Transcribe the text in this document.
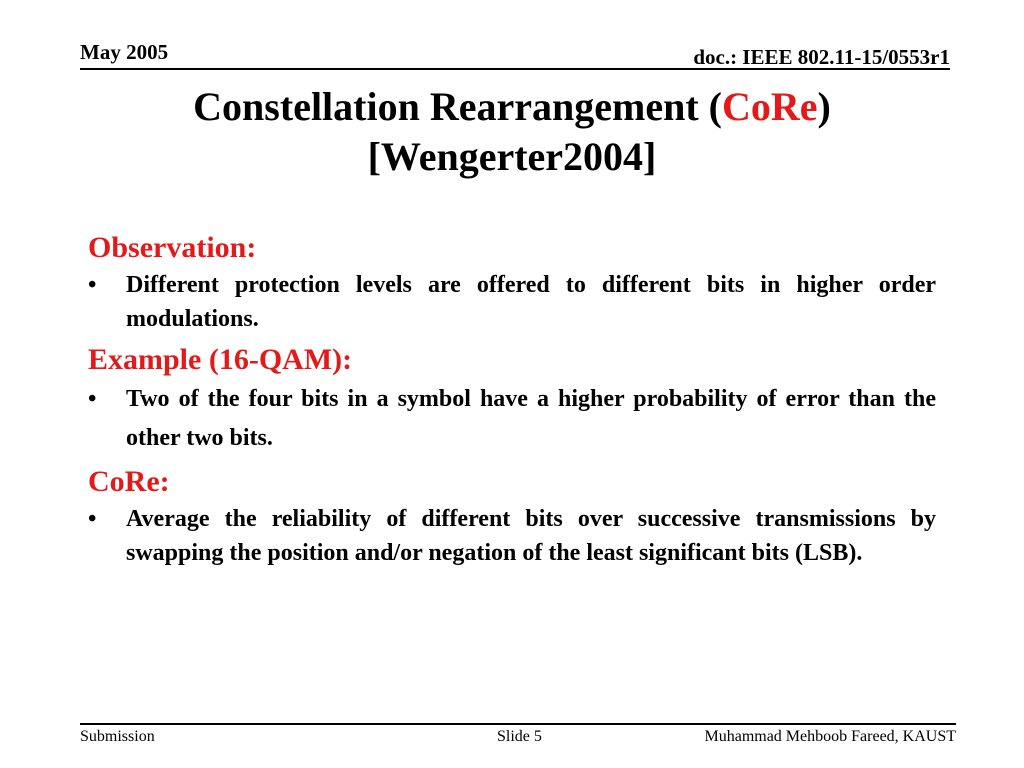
May 2005	doc.: IEEE 802.11-15/0553r1
Constellation Rearrangement (CoRe)
[Wengerter2004]
Observation:
• Different protection levels are offered to different bits in higher order modulations.
Example (16-QAM):
• Two of the four bits in a symbol have a higher probability of error than the other two bits.
CoRe:
• Average the reliability of different bits over successive transmissions by swapping the position and/or negation of the least significant bits (LSB).
Submission	Slide 5	Muhammad Mehboob Fareed, KAUST
